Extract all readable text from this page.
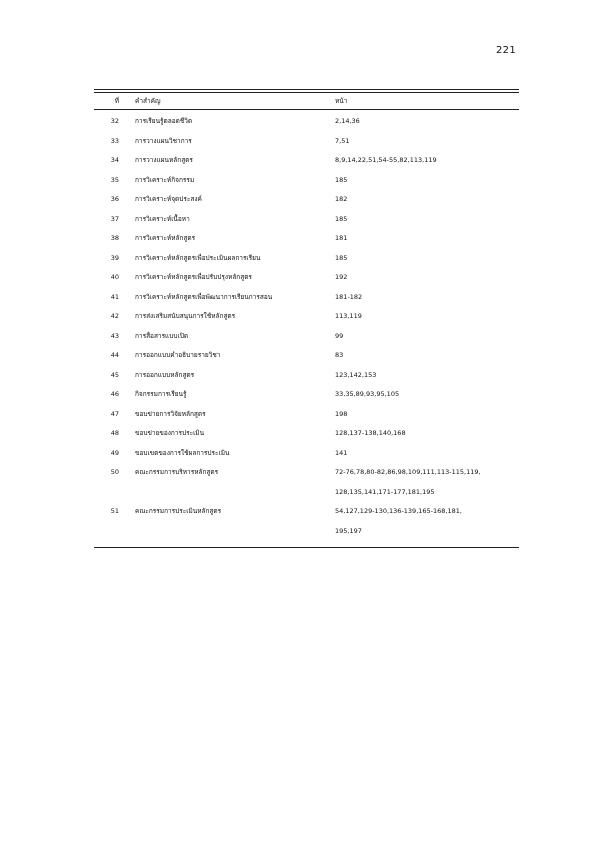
221
ที่ คำสำคัญ	หน้า
32 การเรียนรู้ตลอดชีวิต	2,14,36
33 การวางแผนวิชาการ	7,51
34 การวางแผนหลักสูตร	8,9,14,22,51,54-55,82,113,119
35 การวิเคราะห์กิจกรรม	185
36 การวิเคราะห์จุดประสงค์	182
37 การวิเคราะห์เนื้อหา	185
38 การวิเคราะห์หลักสูตร	181
39 การวิเคราะห์หลักสูตรเพื่อประเมินผลการเรียน	185
40 การวิเคราะห์หลักสูตรเพื่อปรับปรุงหลักสูตร	192
41 การวิเคราะห์หลักสูตรเพื่อพัฒนาการเรียนการสอน	181-182
42 การส่งเสริมสนับสนุนการใช้หลักสูตร	113,119
43 การสื่อสารแบบเปิด	99
44 การออกแบบคำอธิบายรายวิชา	83
45 การออกแบบหลักสูตร	123,142,153
46 กิจกรรมการเรียนรู้	33,35,89,93,95,105
47 ขอบข่ายการวิจัยหลักสูตร	198
48 ขอบข่ายของการประเมิน	128,137-138,140,168
49 ขอบเขตของการใช้ผลการประเมิน	141
50 คณะกรรมการบริหารหลักสูตร	72-76,78,80-82,86,98,109,111,113-115,119,
128,135,141,171-177,181,195
51 คณะกรรมการประเมินหลักสูตร	54,127,129-130,136-139,165-168,181,
195,197
